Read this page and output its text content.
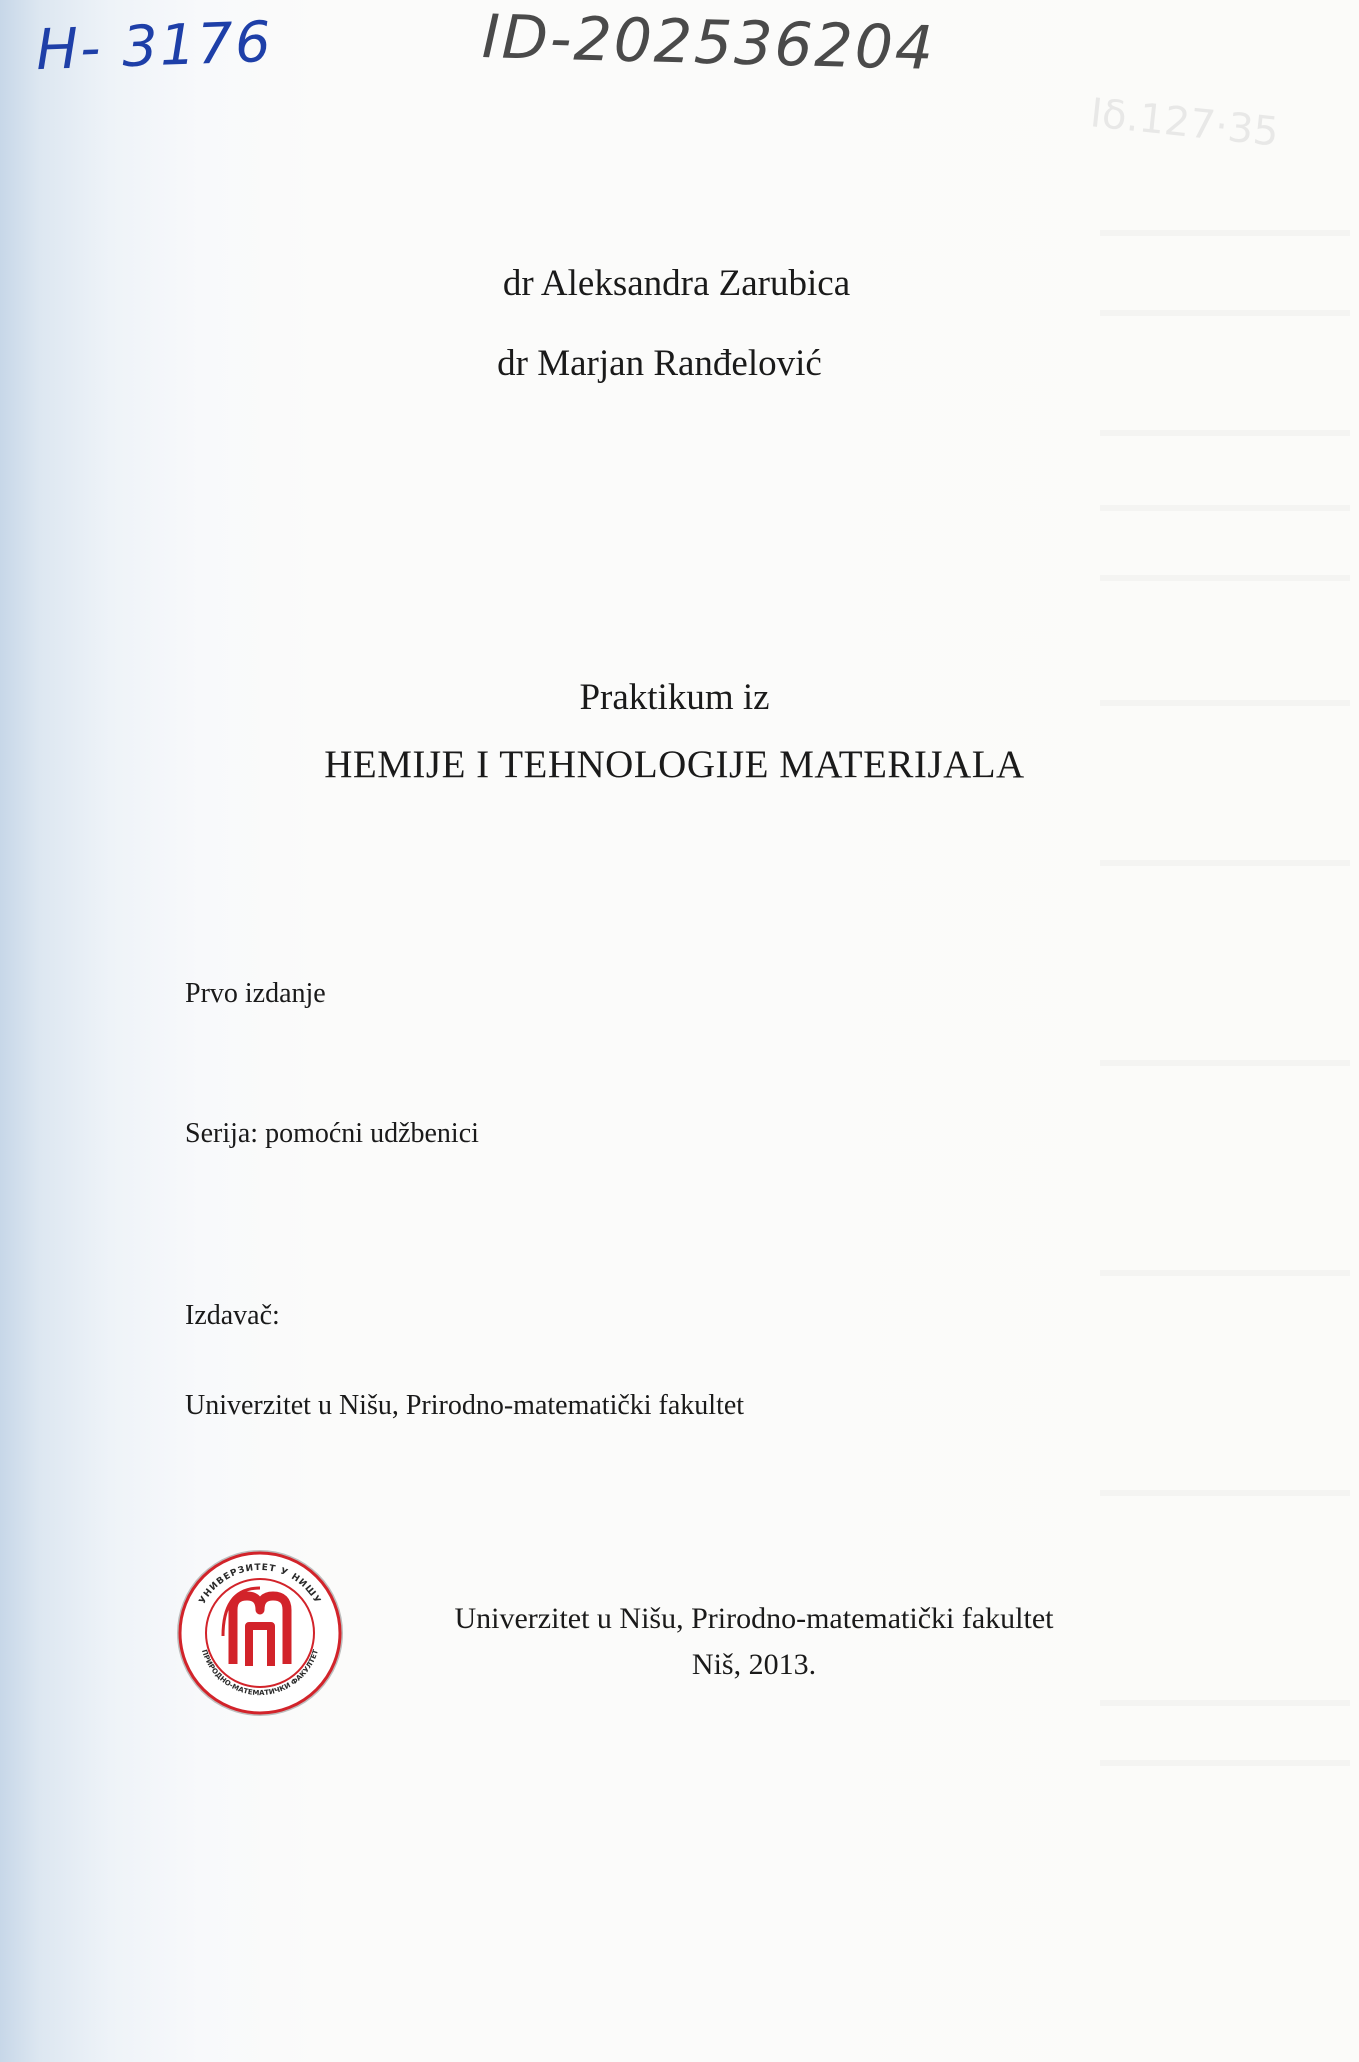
Ιδ.127·35
H- 3176	ID-202536204
dr Aleksandra Zarubica
dr Marjan Ranđelović
Praktikum iz
HEMIJE I TEHNOLOGIJE MATERIJALA
Prvo izdanje
Serija: pomoćni udžbenici
Izdavač:
Univerzitet u Nišu, Prirodno-matematički fakultet
УНИВЕРЗИТЕТ У НИШУ
ПРИРОДНО-МАТЕМАТИЧКИ ФАКУЛТЕТ
Univerzitet u Nišu, Prirodno-matematički fakultet
Niš, 2013.
